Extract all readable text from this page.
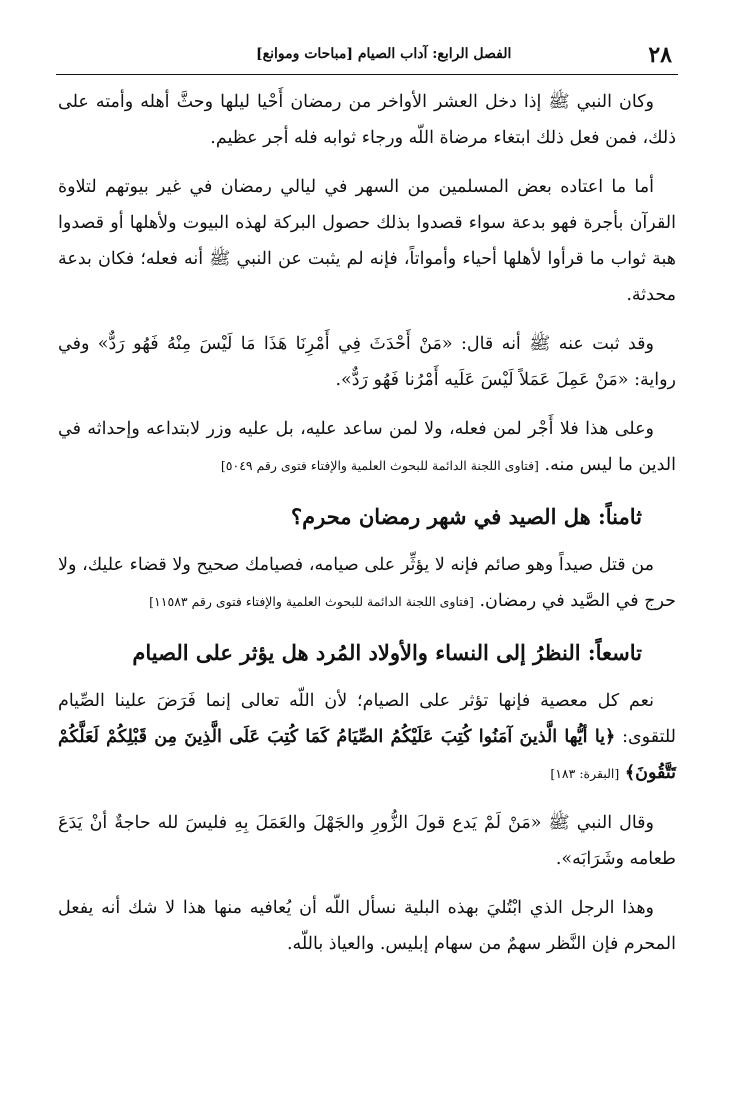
٢٨
الفصل الرابع: آداب الصيام [مباحات وموانع]

وكان النبي ﷺ إذا دخل العشر الأواخر من رمضان أَحْيا ليلها وحثَّ أهله وأمته على ذلك، فمن فعل ذلك ابتغاء مرضاة اللّه ورجاء ثوابه فله أجر عظيم.

أما ما اعتاده بعض المسلمين من السهر في ليالي رمضان في غير بيوتهم لتلاوة القرآن بأجرة فهو بدعة سواء قصدوا بذلك حصول البركة لهذه البيوت ولأهلها أو قصدوا هبة ثواب ما قرأوا لأهلها أحياء وأمواتاً، فإنه لم يثبت عن النبي ﷺ أنه فعله؛ فكان بدعة محدثة.

وقد ثبت عنه ﷺ أنه قال: «مَنْ أَحْدَثَ فِي أَمْرِنَا هَذَا مَا لَيْسَ مِنْهُ فَهُو رَدٌّ» وفي رواية: «مَنْ عَمِلَ عَمَلاً لَيْسَ عَلَيه أَمْرُنا فَهُو رَدٌّ».

وعلى هذا فلا أَجْر لمن فعله، ولا لمن ساعد عليه، بل عليه وزر لابتداعه وإحداثه في الدين ما ليس منه. [فتاوى اللجنة الدائمة للبحوث العلمية والإفتاء فتوى رقم ٥٠٤٩]

ثامناً: هل الصيد في شهر رمضان محرم؟

من قتل صيداً وهو صائم فإنه لا يؤثِّر على صيامه، فصيامك صحيح ولا قضاء عليك، ولا حرج في الصَّيد في رمضان. [فتاوى اللجنة الدائمة للبحوث العلمية والإفتاء فتوى رقم ١١٥٨٣]

تاسعاً: النظرُ إلى النساء والأولاد المُرد هل يؤثر على الصيام

نعم كل معصية فإنها تؤثر على الصيام؛ لأن اللّه تعالى إنما فَرَضَ علينا الصِّيام للتقوى: ﴿يا أيُّها الَّذينَ آمَنُوا كُتِبَ عَلَيْكُمُ الصِّيَامُ كَمَا كُتِبَ عَلَى الَّذِينَ مِن قَبْلِكُمْ لَعَلَّكُمْ تَتَّقُونَ﴾ [البقرة: ١٨٣]

وقال النبي ﷺ «مَنْ لَمْ يَدع قولَ الزُّورِ والجَهْلَ والعَمَلَ بِهِ فليسَ لله حاجةٌ أنْ يَدَعَ طعامه وشَرَابَه».

وهذا الرجل الذي ابْتُليَ بهذه البلية نسأل اللّه أن يُعافيه منها هذا لا شك أنه يفعل المحرم فإن النَّظر سهمٌ من سهام إبليس. والعياذ باللّه.
